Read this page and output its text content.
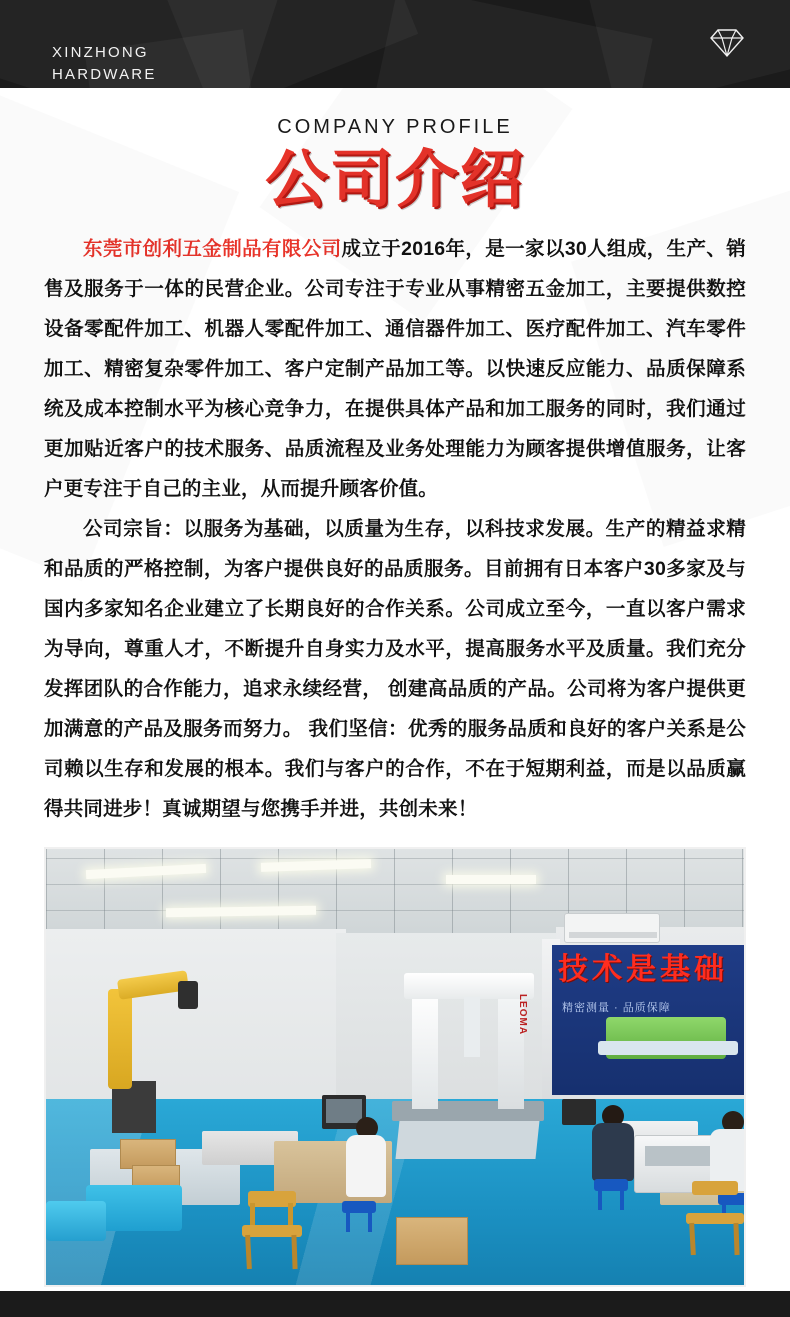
XINZHONG

HARDWARE

COMPANY PROFILE
公司介绍

东莞市创利五金制品有限公司成立于2016年，是一家以30人组成，生产、销售及服务于一体的民营企业。公司专注于专业从事精密五金加工，主要提供数控设备零配件加工、机器人零配件加工、通信器件加工、医疗配件加工、汽车零件加工、精密复杂零件加工、客户定制产品加工等。以快速反应能力、品质保障系统及成本控制水平为核心竞争力，在提供具体产品和加工服务的同时，我们通过更加贴近客户的技术服务、品质流程及业务处理能力为顾客提供增值服务，让客户更专注于自己的主业，从而提升顾客价值。

公司宗旨：以服务为基础，以质量为生存，以科技求发展。生产的精益求精和品质的严格控制，为客户提供良好的品质服务。目前拥有日本客户30多家及与国内多家知名企业建立了长期良好的合作关系。公司成立至今，一直以客户需求为导向，尊重人才，不断提升自身实力及水平，提高服务水平及质量。我们充分发挥团队的合作能力，追求永续经营， 创建高品质的产品。公司将为客户提供更加满意的产品及服务而努力。 我们坚信：优秀的服务品质和良好的客户关系是公司赖以生存和发展的根本。我们与客户的合作，不在于短期利益，而是以品质赢得共同进步！真诚期望与您携手并进，共创未来！

技术是基础
精密测量 · 品质保障
LEOMA
